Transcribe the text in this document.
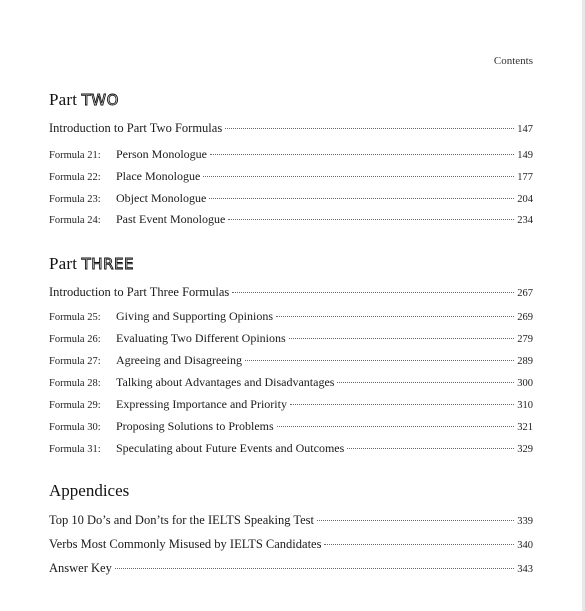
Contents
Part TWO
Introduction to Part Two Formulas	147
Formula 21:	Person Monologue	149
Formula 22:	Place Monologue	177
Formula 23:	Object Monologue	204
Formula 24:	Past Event Monologue	234
Part THREE
Introduction to Part Three Formulas	267
Formula 25:	Giving and Supporting Opinions	269
Formula 26:	Evaluating Two Different Opinions	279
Formula 27:	Agreeing and Disagreeing	289
Formula 28:	Talking about Advantages and Disadvantages	300
Formula 29:	Expressing Importance and Priority	310
Formula 30:	Proposing Solutions to Problems	321
Formula 31:	Speculating about Future Events and Outcomes	329
Appendices
Top 10 Do’s and Don’ts for the IELTS Speaking Test	339
Verbs Most Commonly Misused by IELTS Candidates	340
Answer Key	343
